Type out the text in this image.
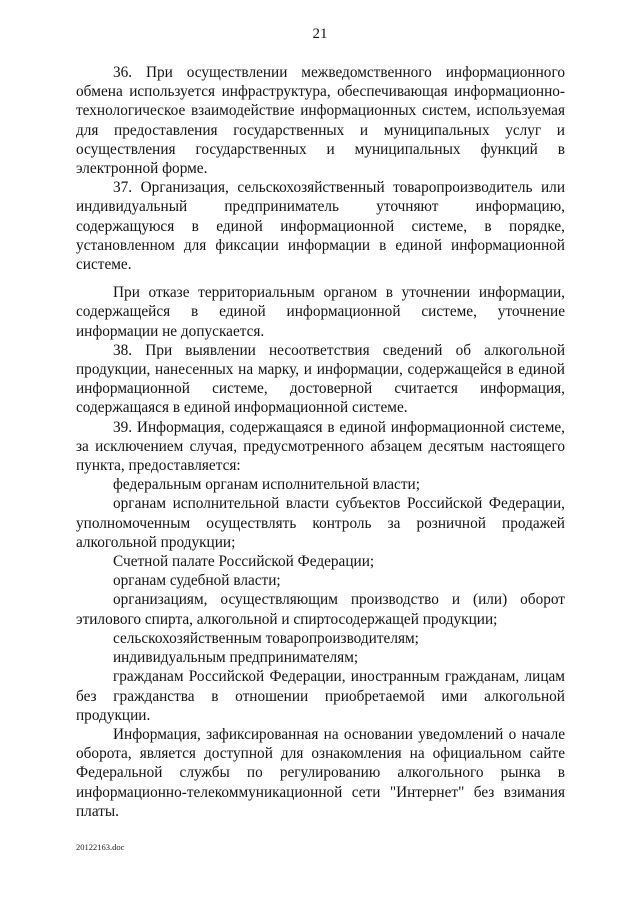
21

36. При осуществлении межведомственного информационного обмена используется инфраструктура, обеспечивающая информационно-технологическое взаимодействие информационных систем, используемая для предоставления государственных и муниципальных услуг и осуществления государственных и муниципальных функций в электронной форме.

37. Организация, сельскохозяйственный товаропроизводитель или индивидуальный предприниматель уточняют информацию, содержащуюся в единой информационной системе, в порядке, установленном для фиксации информации в единой информационной системе.

При отказе территориальным органом в уточнении информации, содержащейся в единой информационной системе, уточнение информации не допускается.

38. При выявлении несоответствия сведений об алкогольной продукции, нанесенных на марку, и информации, содержащейся в единой информационной системе, достоверной считается информация, содержащаяся в единой информационной системе.

39. Информация, содержащаяся в единой информационной системе, за исключением случая, предусмотренного абзацем десятым настоящего пункта, предоставляется:

федеральным органам исполнительной власти;

органам исполнительной власти субъектов Российской Федерации, уполномоченным осуществлять контроль за розничной продажей алкогольной продукции;

Счетной палате Российской Федерации;

органам судебной власти;

организациям, осуществляющим производство и (или) оборот этилового спирта, алкогольной и спиртосодержащей продукции;

сельскохозяйственным товаропроизводителям;

индивидуальным предпринимателям;

гражданам Российской Федерации, иностранным гражданам, лицам без гражданства в отношении приобретаемой ими алкогольной продукции.

Информация, зафиксированная на основании уведомлений о начале оборота, является доступной для ознакомления на официальном сайте Федеральной службы по регулированию алкогольного рынка в информационно-телекоммуникационной сети "Интернет" без взимания платы.

20122163.doc
